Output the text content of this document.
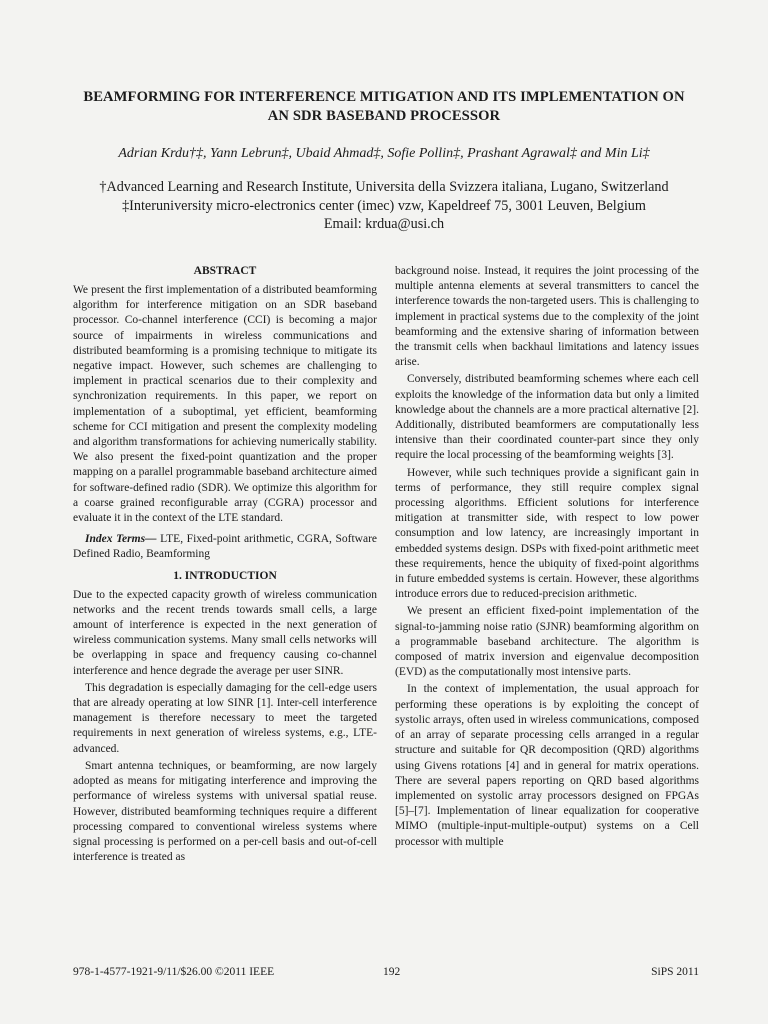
BEAMFORMING FOR INTERFERENCE MITIGATION AND ITS IMPLEMENTATION ON
AN SDR BASEBAND PROCESSOR
Adrian Krdu†‡, Yann Lebrun‡, Ubaid Ahmad‡, Sofie Pollin‡, Prashant Agrawal‡ and Min Li‡
†Advanced Learning and Research Institute, Universita della Svizzera italiana, Lugano, Switzerland
‡Interuniversity micro-electronics center (imec) vzw, Kapeldreef 75, 3001 Leuven, Belgium
Email: krdua@usi.ch
ABSTRACT

We present the first implementation of a distributed beamforming algorithm for interference mitigation on an SDR baseband processor. Co-channel interference (CCI) is becoming a major source of impairments in wireless communications and distributed beamforming is a promising technique to mitigate its negative impact. However, such schemes are challenging to implement in practical scenarios due to their complexity and synchronization requirements. In this paper, we report on implementation of a suboptimal, yet efficient, beamforming scheme for CCI mitigation and present the complexity modeling and algorithm transformations for achieving numerically stability. We also present the fixed-point quantization and the proper mapping on a parallel programmable baseband architecture aimed for software-defined radio (SDR). We optimize this algorithm for a coarse grained reconfigurable array (CGRA) processor and evaluate it in the context of the LTE standard.

Index Terms— LTE, Fixed-point arithmetic, CGRA, Software Defined Radio, Beamforming

1. INTRODUCTION

Due to the expected capacity growth of wireless communication networks and the recent trends towards small cells, a large amount of interference is expected in the next generation of wireless communication systems. Many small cells networks will be overlapping in space and frequency causing co-channel interference and hence degrade the average per user SINR.

This degradation is especially damaging for the cell-edge users that are already operating at low SINR [1]. Inter-cell interference management is therefore necessary to meet the targeted requirements in next generation of wireless systems, e.g., LTE-advanced.

Smart antenna techniques, or beamforming, are now largely adopted as means for mitigating interference and improving the performance of wireless systems with universal spatial reuse. However, distributed beamforming techniques require a different processing compared to conventional wireless systems where signal processing is performed on a per-cell basis and out-of-cell interference is treated as

background noise. Instead, it requires the joint processing of the multiple antenna elements at several transmitters to cancel the interference towards the non-targeted users. This is challenging to implement in practical systems due to the complexity of the joint beamforming and the extensive sharing of information between the transmit cells when backhaul limitations and latency issues arise.

Conversely, distributed beamforming schemes where each cell exploits the knowledge of the information data but only a limited knowledge about the channels are a more practical alternative [2]. Additionally, distributed beamformers are computationally less intensive than their coordinated counter-part since they only require the local processing of the beamforming weights [3].

However, while such techniques provide a significant gain in terms of performance, they still require complex signal processing algorithms. Efficient solutions for interference mitigation at transmitter side, with respect to low power consumption and low latency, are increasingly important in embedded systems design. DSPs with fixed-point arithmetic meet these requirements, hence the ubiquity of fixed-point algorithms in future embedded systems is certain. However, these algorithms introduce errors due to reduced-precision arithmetic.

We present an efficient fixed-point implementation of the signal-to-jamming noise ratio (SJNR) beamforming algorithm on a programmable baseband architecture. The algorithm is composed of matrix inversion and eigenvalue decomposition (EVD) as the computationally most intensive parts.

In the context of implementation, the usual approach for performing these operations is by exploiting the concept of systolic arrays, often used in wireless communications, composed of an array of separate processing cells arranged in a regular structure and suitable for QR decomposition (QRD) algorithms using Givens rotations [4] and in general for matrix operations. There are several papers reporting on QRD based algorithms implemented on systolic array processors designed on FPGAs [5]–[7]. Implementation of linear equalization for cooperative MIMO (multiple-input-multiple-output) systems on a Cell processor with multiple

978-1-4577-1921-9/11/$26.00 ©2011 IEEE	192	SiPS 2011
